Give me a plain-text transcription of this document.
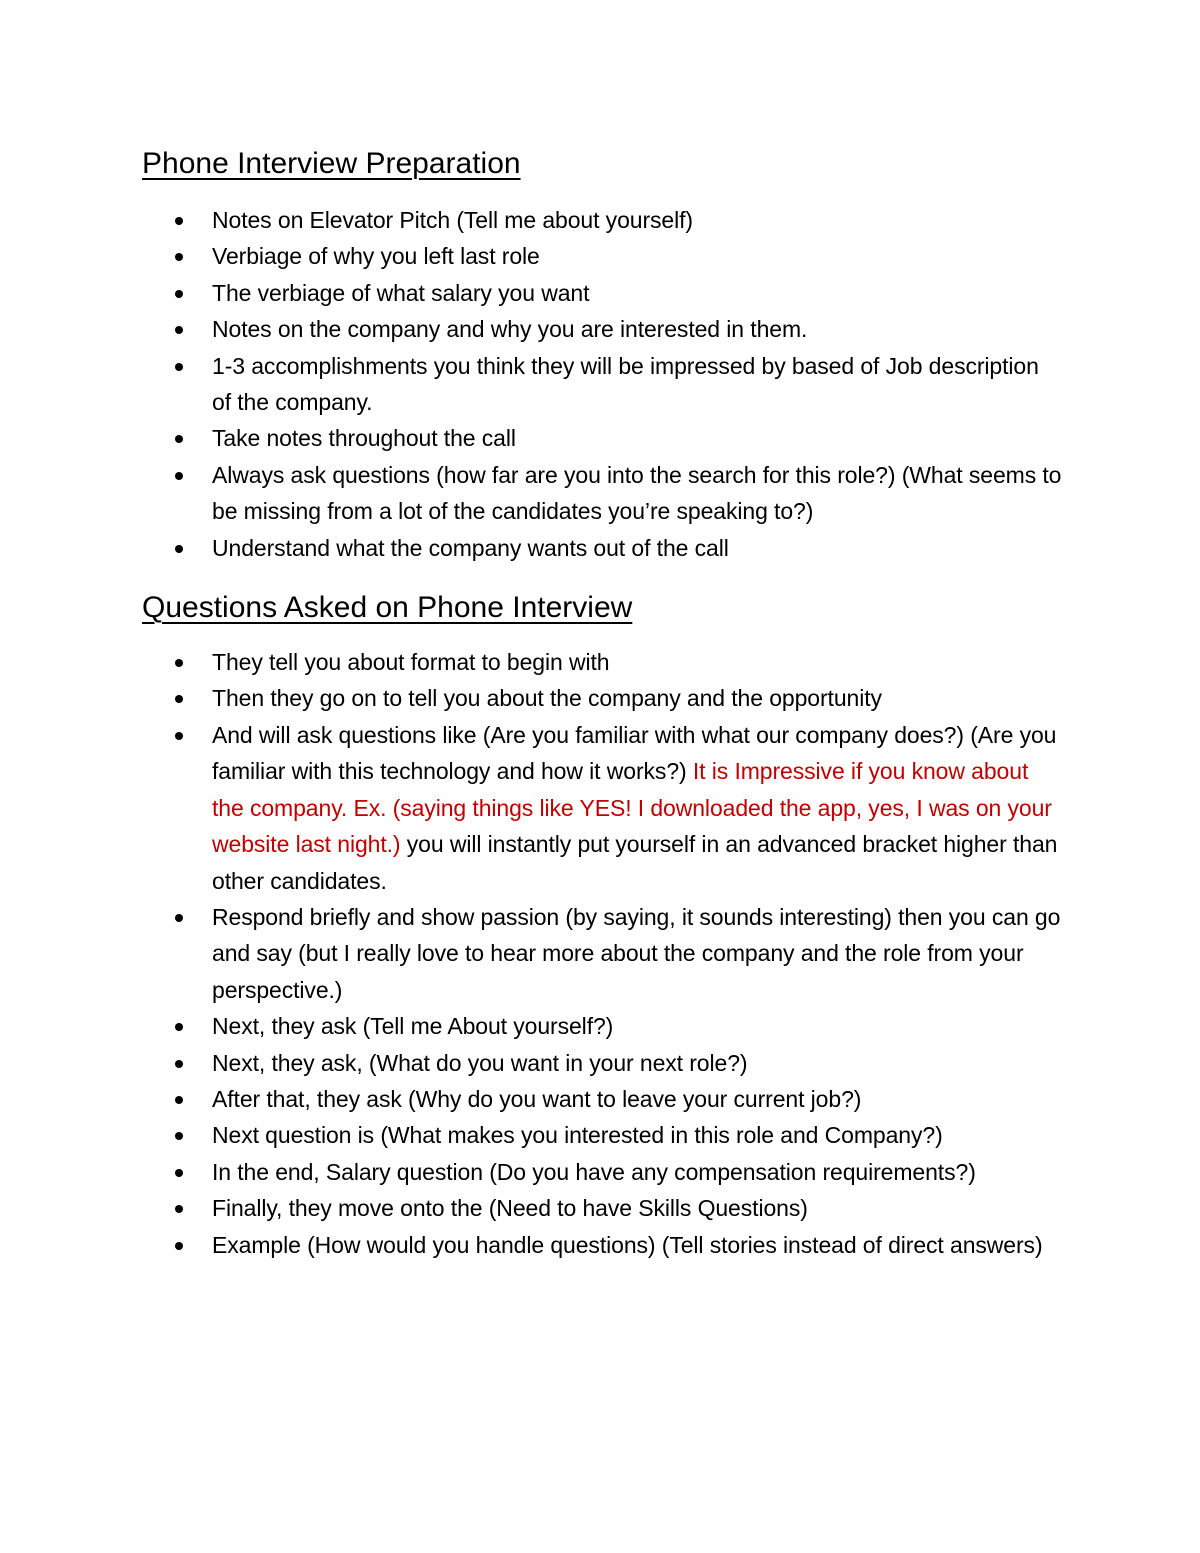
Phone Interview Preparation
Notes on Elevator Pitch (Tell me about yourself)
Verbiage of why you left last role
The verbiage of what salary you want
Notes on the company and why you are interested in them.
1-3 accomplishments you think they will be impressed by based of Job description of the company.
Take notes throughout the call
Always ask questions (how far are you into the search for this role?) (What seems to be missing from a lot of the candidates you’re speaking to?)
Understand what the company wants out of the call
Questions Asked on Phone Interview
They tell you about format to begin with
Then they go on to tell you about the company and the opportunity
And will ask questions like (Are you familiar with what our company does?) (Are you familiar with this technology and how it works?) It is Impressive if you know about the company. Ex. (saying things like YES! I downloaded the app, yes, I was on your website last night.) you will instantly put yourself in an advanced bracket higher than other candidates.
Respond briefly and show passion (by saying, it sounds interesting) then you can go and say (but I really love to hear more about the company and the role from your perspective.)
Next, they ask (Tell me About yourself?)
Next, they ask, (What do you want in your next role?)
After that, they ask (Why do you want to leave your current job?)
Next question is (What makes you interested in this role and Company?)
In the end, Salary question (Do you have any compensation requirements?)
Finally, they move onto the (Need to have Skills Questions)
Example (How would you handle questions) (Tell stories instead of direct answers)
